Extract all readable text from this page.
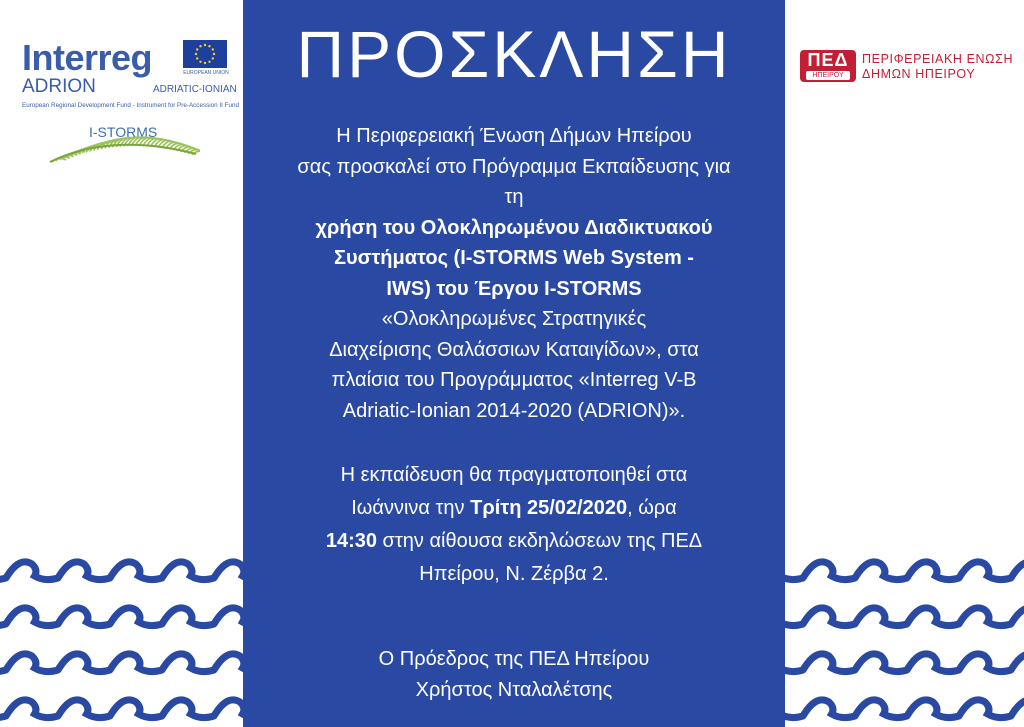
Interreg	EUROPEAN UNION
ADRION	ADRIATIC-IONIAN
European Regional Development Fund - Instrument for Pre-Accession II Fund
I-STORMS
ΠΕΔ
ΗΠΕΙΡΟΥ
ΠΕΡΙΦΕΡΕΙΑΚΗ ΕΝΩΣΗ
ΔΗΜΩΝ ΗΠΕΙΡΟΥ
ΠΡΟΣΚΛΗΣΗ
Η Περιφερειακή Ένωση Δήμων Ηπείρου
σας προσκαλεί στο Πρόγραμμα Εκπαίδευσης για
τη
χρήση του Ολοκληρωμένου Διαδικτυακού
Συστήματος (I-STORMS Web System -
IWS) του Έργου I-STORMS
«Ολοκληρωμένες Στρατηγικές
Διαχείρισης Θαλάσσιων Καταιγίδων», στα
πλαίσια του Προγράμματος «Interreg V-B
Adriatic-Ionian 2014-2020 (ADRION)».
Η εκπαίδευση θα πραγματοποιηθεί στα
Ιωάννινα την Τρίτη 25/02/2020, ώρα
14:30 στην αίθουσα εκδηλώσεων της ΠΕΔ
Ηπείρου, Ν. Ζέρβα 2.
Ο Πρόεδρος της ΠΕΔ Ηπείρου
Χρήστος Νταλαλέτσης
